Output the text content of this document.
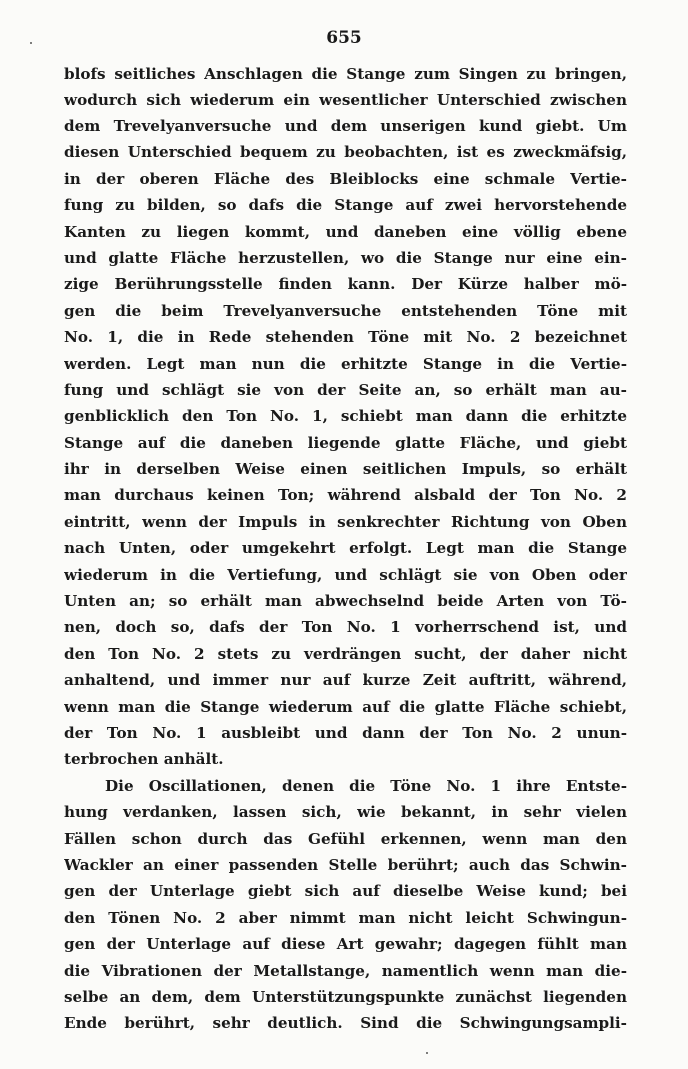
655
blofs seitliches Anschlagen die Stange zum Singen zu bringen,
wodurch sich wiederum ein wesentlicher Unterschied zwischen
dem Trevelyanversuche und dem unserigen kund giebt. Um
diesen Unterschied bequem zu beobachten, ist es zweckmäfsig,
in der oberen Fläche des Bleiblocks eine schmale Vertie-
fung zu bilden, so dafs die Stange auf zwei hervorstehende
Kanten zu liegen kommt, und daneben eine völlig ebene
und glatte Fläche herzustellen, wo die Stange nur eine ein-
zige Berührungsstelle finden kann. Der Kürze halber mö-
gen die beim Trevelyanversuche entstehenden Töne mit
No. 1, die in Rede stehenden Töne mit No. 2 bezeichnet
werden. Legt man nun die erhitzte Stange in die Vertie-
fung und schlägt sie von der Seite an, so erhält man au-
genblicklich den Ton No. 1, schiebt man dann die erhitzte
Stange auf die daneben liegende glatte Fläche, und giebt
ihr in derselben Weise einen seitlichen Impuls, so erhält
man durchaus keinen Ton; während alsbald der Ton No. 2
eintritt, wenn der Impuls in senkrechter Richtung von Oben
nach Unten, oder umgekehrt erfolgt. Legt man die Stange
wiederum in die Vertiefung, und schlägt sie von Oben oder
Unten an; so erhält man abwechselnd beide Arten von Tö-
nen, doch so, dafs der Ton No. 1 vorherrschend ist, und
den Ton No. 2 stets zu verdrängen sucht, der daher nicht
anhaltend, und immer nur auf kurze Zeit auftritt, während,
wenn man die Stange wiederum auf die glatte Fläche schiebt,
der Ton No. 1 ausbleibt und dann der Ton No. 2 unun-
terbrochen anhält.
Die Oscillationen, denen die Töne No. 1 ihre Entste-
hung verdanken, lassen sich, wie bekannt, in sehr vielen
Fällen schon durch das Gefühl erkennen, wenn man den
Wackler an einer passenden Stelle berührt; auch das Schwin-
gen der Unterlage giebt sich auf dieselbe Weise kund; bei
den Tönen No. 2 aber nimmt man nicht leicht Schwingun-
gen der Unterlage auf diese Art gewahr; dagegen fühlt man
die Vibrationen der Metallstange, namentlich wenn man die-
selbe an dem, dem Unterstützungspunkte zunächst liegenden
Ende berührt, sehr deutlich. Sind die Schwingungsampli-
